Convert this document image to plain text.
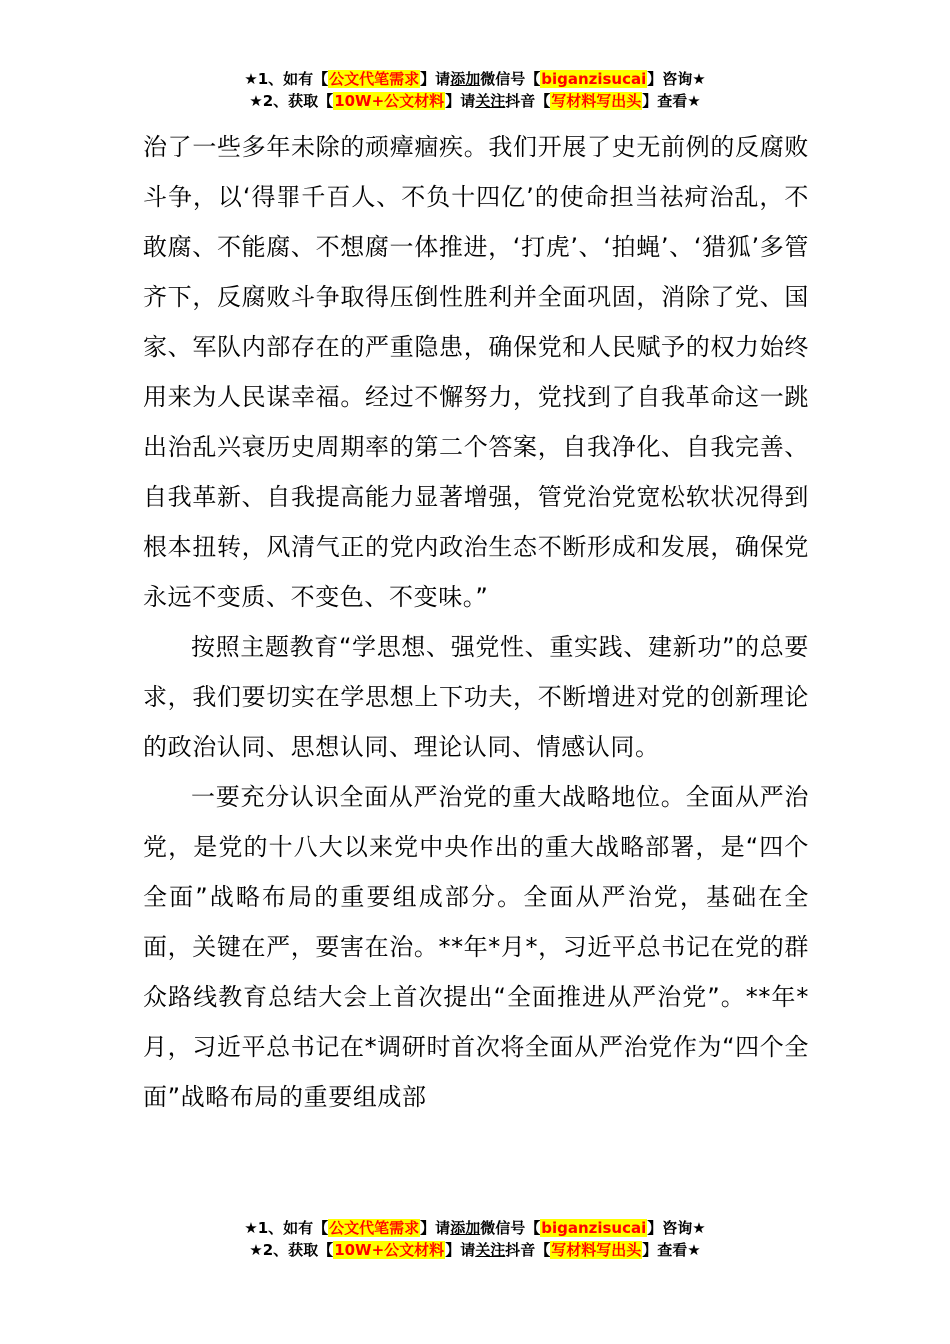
★1、如有【公文代笔需求】请添加微信号【biganzisucai】咨询★
★2、获取【10W+公文材料】请关注抖音【写材料写出头】查看★

治了一些多年未除的顽瘴痼疾。我们开展了史无前例的反腐败斗争，以‘得罪千百人、不负十四亿’的使命担当祛疴治乱，不敢腐、不能腐、不想腐一体推进，‘打虎’、‘拍蝇’、‘猎狐’多管齐下，反腐败斗争取得压倒性胜利并全面巩固，消除了党、国家、军队内部存在的严重隐患，确保党和人民赋予的权力始终用来为人民谋幸福。经过不懈努力，党找到了自我革命这一跳出治乱兴衰历史周期率的第二个答案，自我净化、自我完善、自我革新、自我提高能力显著增强，管党治党宽松软状况得到根本扭转，风清气正的党内政治生态不断形成和发展，确保党永远不变质、不变色、不变味。”

按照主题教育“学思想、强党性、重实践、建新功”的总要求，我们要切实在学思想上下功夫，不断增进对党的创新理论的政治认同、思想认同、理论认同、情感认同。

一要充分认识全面从严治党的重大战略地位。全面从严治党，是党的十八大以来党中央作出的重大战略部署，是“四个全面”战略布局的重要组成部分。全面从严治党，基础在全面，关键在严，要害在治。**年*月*，习近平总书记在党的群众路线教育总结大会上首次提出“全面推进从严治党”。**年*月，习近平总书记在*调研时首次将全面从严治党作为“四个全面”战略布局的重要组成部

★1、如有【公文代笔需求】请添加微信号【biganzisucai】咨询★
★2、获取【10W+公文材料】请关注抖音【写材料写出头】查看★
